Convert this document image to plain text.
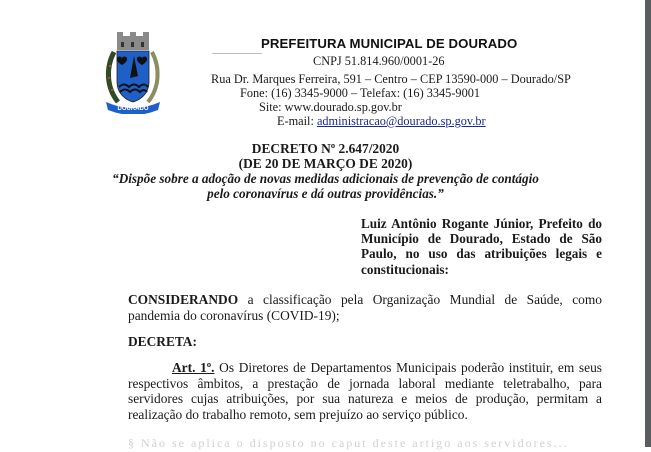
DOURADO
PREFEITURA MUNICIPAL DE DOURADO
CNPJ 51.814.960/0001-26
Rua Dr. Marques Ferreira, 591 – Centro – CEP 13590-000 – Dourado/SP
Fone: (16) 3345-9000 – Telefax: (16) 3345-9001
Site: www.dourado.sp.gov.br
E-mail: administracao@dourado.sp.gov.br
DECRETO Nº 2.647/2020
(DE 20 DE MARÇO DE 2020)
“Dispõe sobre a adoção de novas medidas adicionais de prevenção de contágio
pelo coronavírus e dá outras providências.”
Luiz Antônio Rogante Júnior, Prefeito do Município de Dourado, Estado de São Paulo, no uso das atribuições legais e constitucionais:
CONSIDERANDO a classificação pela Organização Mundial de Saúde, como pandemia do coronavírus (COVID-19);
DECRETA:
Art. 1º. Os Diretores de Departamentos Municipais poderão instituir, em seus respectivos âmbitos, a prestação de jornada laboral mediante teletrabalho, para servidores cujas atribuições, por sua natureza e meios de produção, permitam a realização do trabalho remoto, sem prejuízo ao serviço público.
§ Não se aplica o disposto no caput deste artigo aos servidores...
